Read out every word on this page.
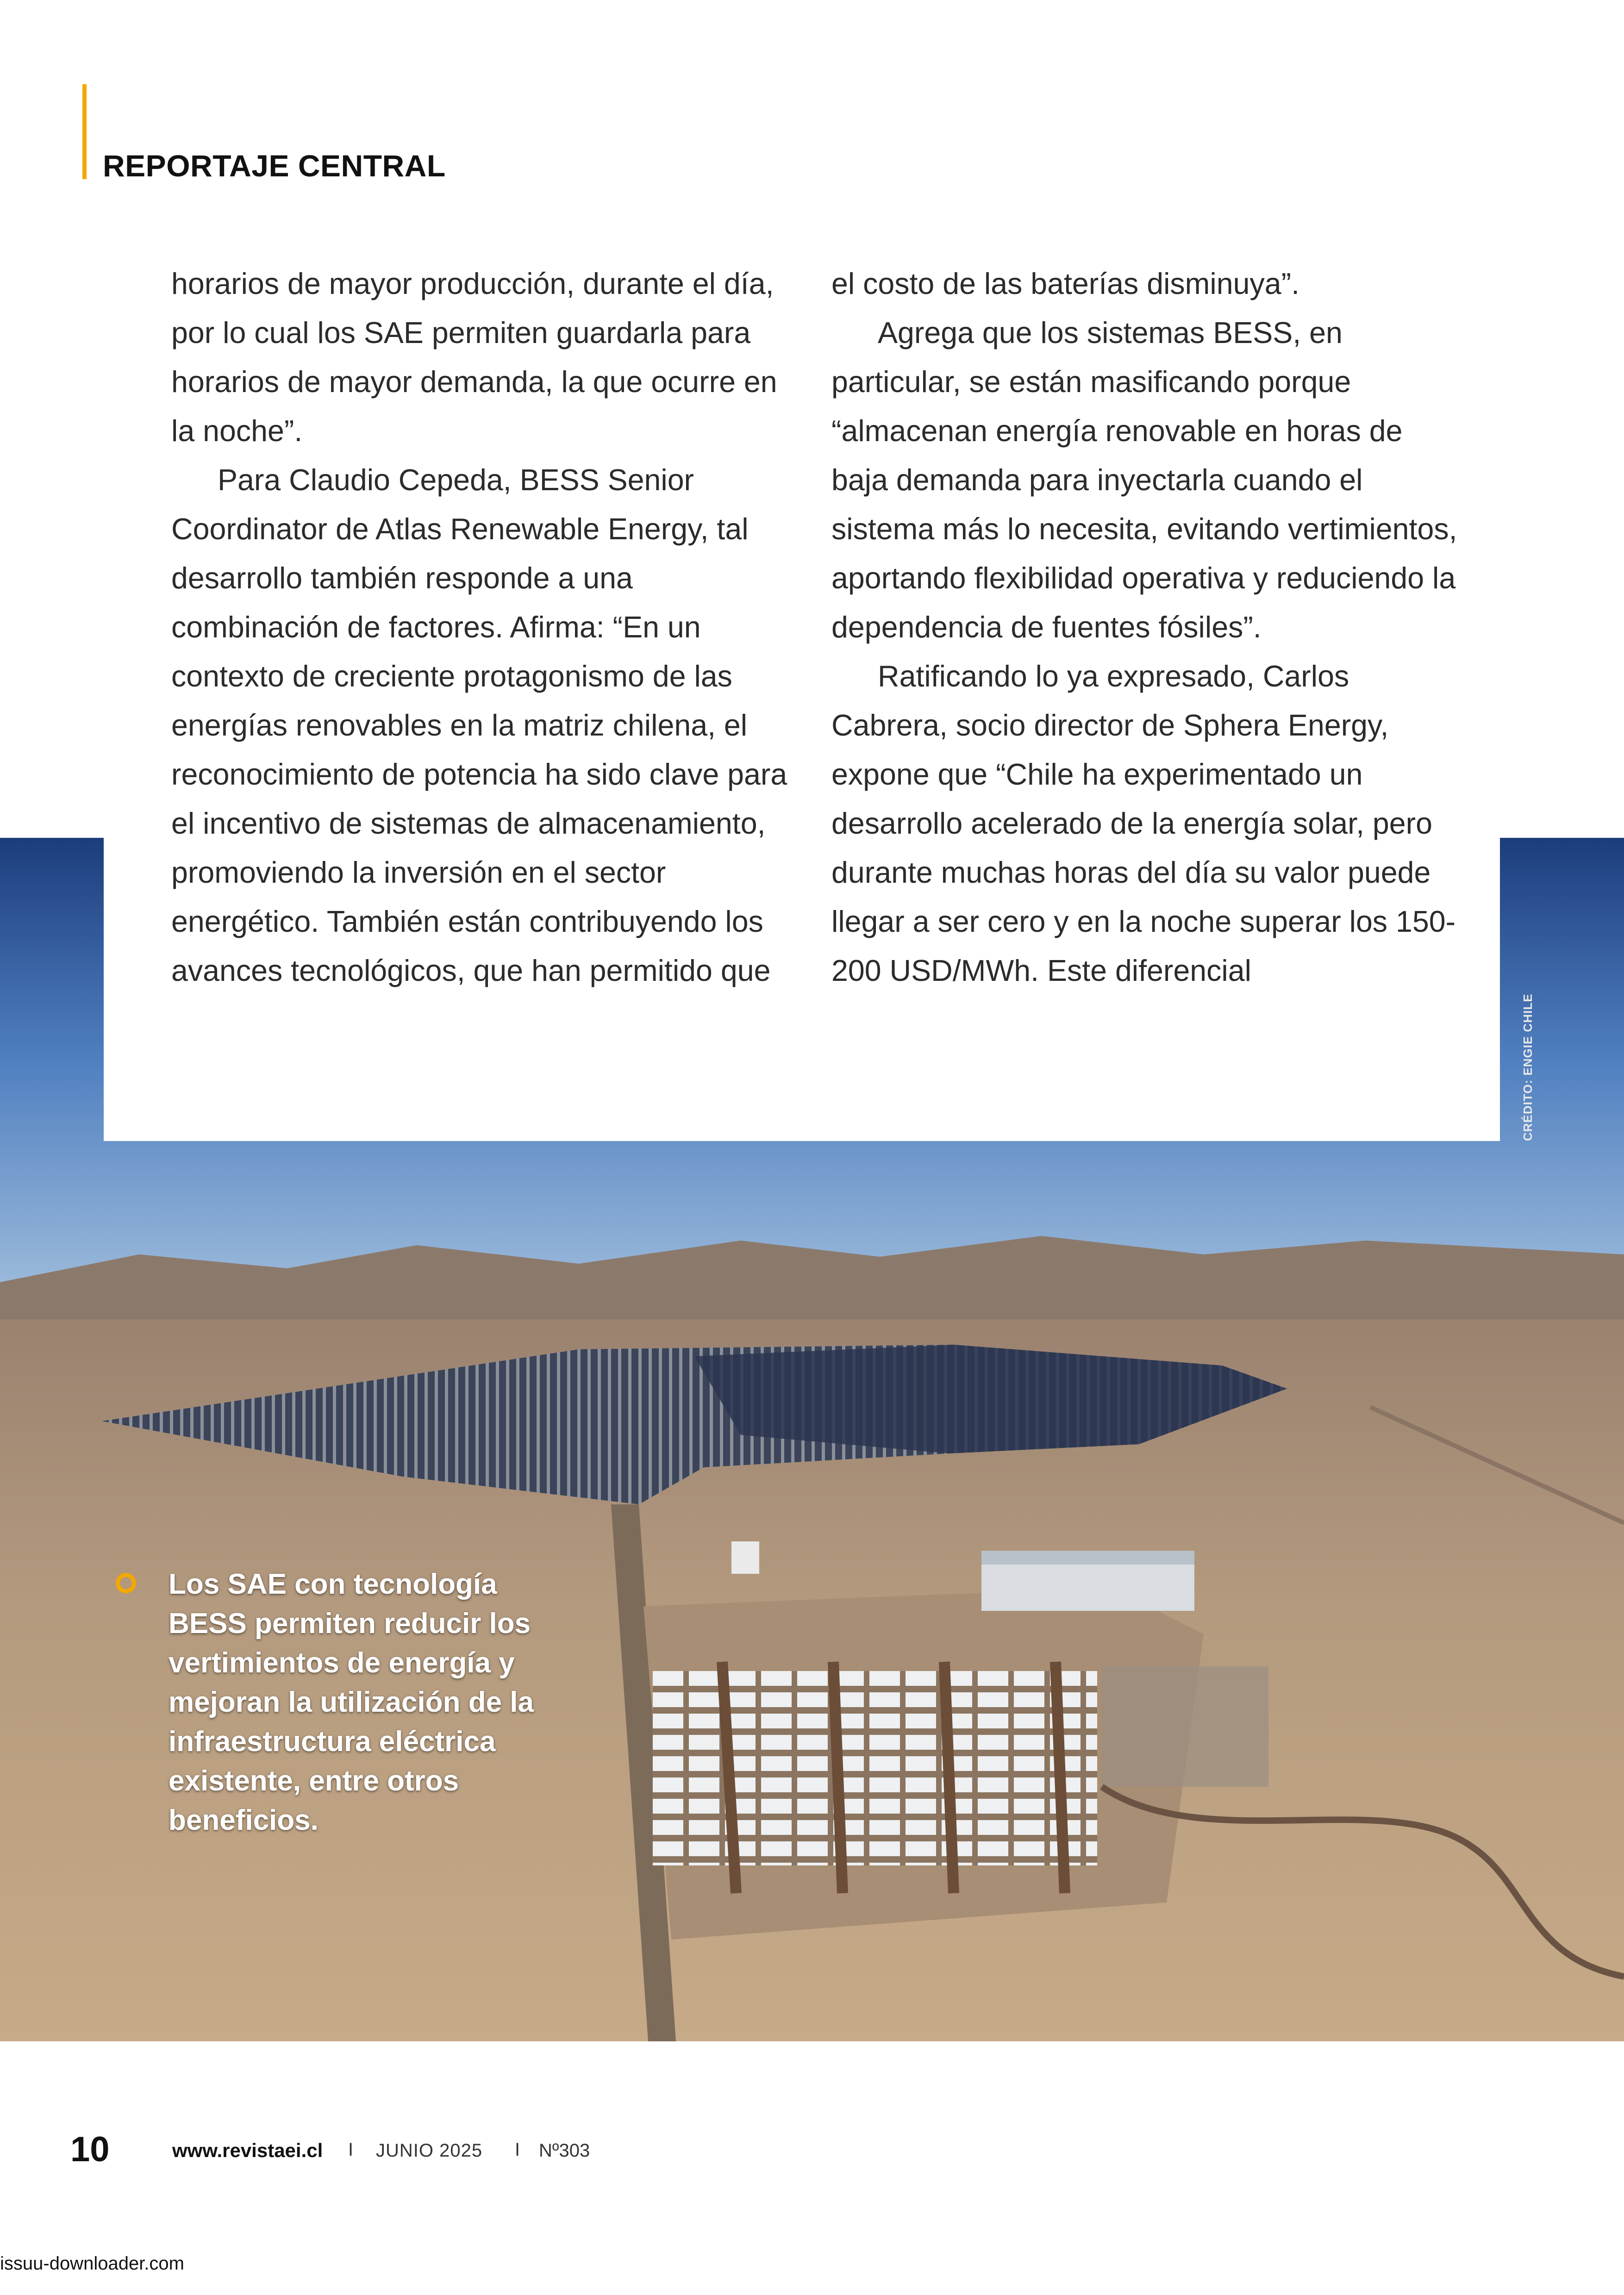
REPORTAJE CENTRAL

horarios de mayor producción, durante el día, por lo cual los SAE permiten guardarla para horarios de mayor demanda, la que ocurre en la noche”.

Para Claudio Cepeda, BESS Senior Coordinator de Atlas Renewable Energy, tal desarrollo también responde a una combinación de factores. Afirma: “En un contexto de creciente protagonismo de las energías renovables en la matriz chilena, el reconocimiento de potencia ha sido clave para el incentivo de sistemas de almacenamiento, promoviendo la inversión en el sector energético. También están contribuyendo los avances tecnológicos, que han permitido que

el costo de las baterías disminuya”.

Agrega que los sistemas BESS, en particular, se están masificando porque “almacenan energía renovable en horas de baja demanda para inyectarla cuando el sistema más lo necesita, evitando vertimientos, aportando flexibilidad operativa y reduciendo la dependencia de fuentes fósiles”.

Ratificando lo ya expresado, Carlos Cabrera, socio director de Sphera Energy, expone que “Chile ha experimentado un desarrollo acelerado de la energía solar, pero durante muchas horas del día su valor puede llegar a ser cero y en la noche superar los 150-200 USD/MWh. Este diferencial

CRÉDITO: ENGIE CHILE

Los SAE con tecnología BESS permiten reducir los vertimientos de energía y mejoran la utilización de la infraestructura eléctrica existente, entre otros beneficios.

10	www.revistaei.cl I JUNIO 2025 I Nº303
issuu-downloader.com
